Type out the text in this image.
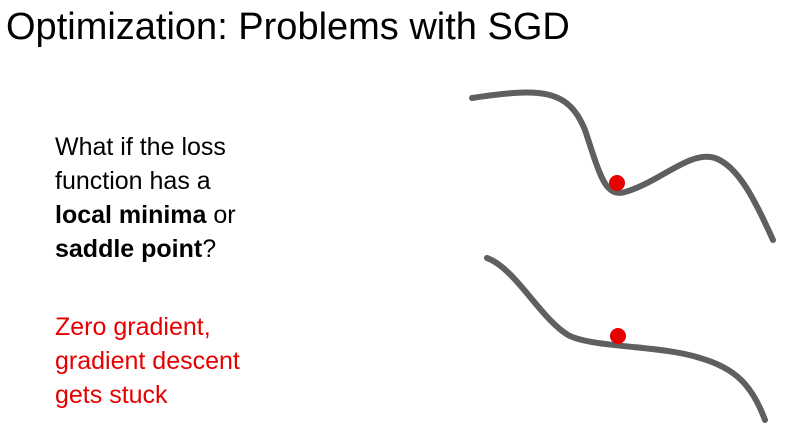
Optimization: Problems with SGD
What if the loss
function has a
local minima or
saddle point?
Zero gradient,
gradient descent
gets stuck
